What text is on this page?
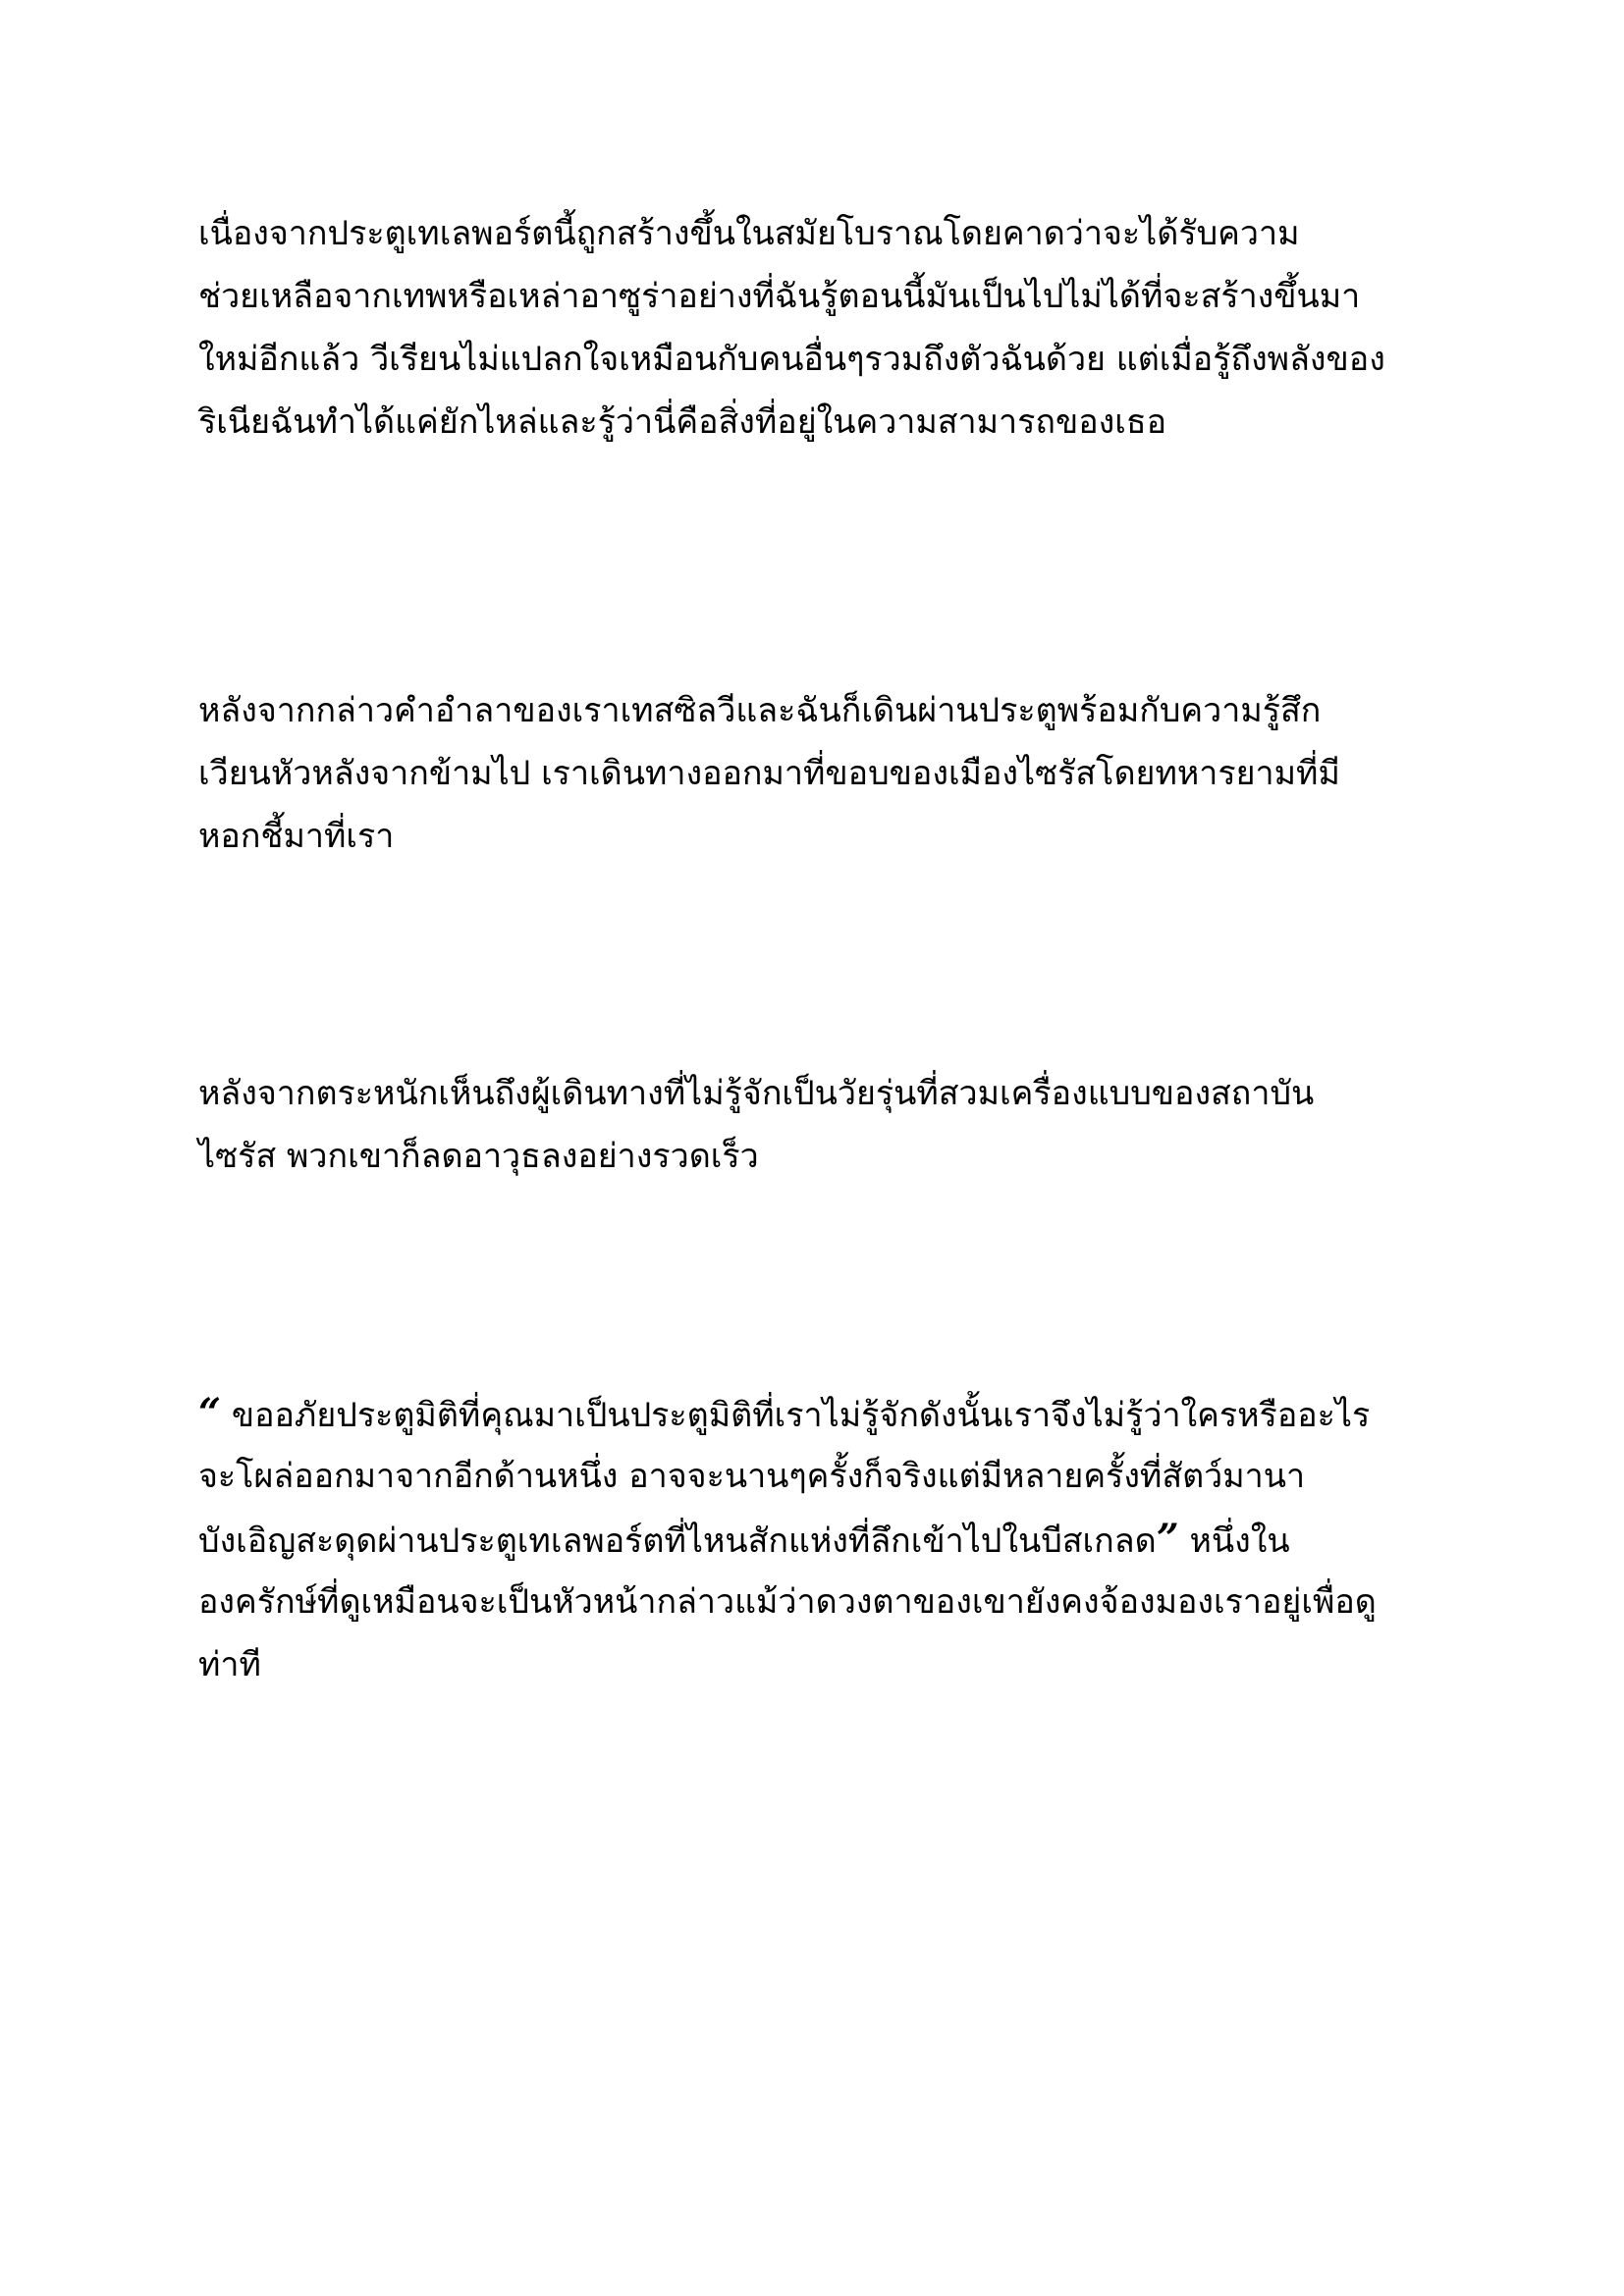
เนื่องจากประตูเทเลพอร์ตนี้ถูกสร้างขึ้นในสมัยโบราณโดยคาดว่าจะได้รับความ
ช่วยเหลือจากเทพหรือเหล่าอาซูร่าอย่างที่ฉันรู้ตอนนี้มันเป็นไปไม่ได้ที่จะสร้างขึ้นมา
ใหม่อีกแล้ว วีเรียนไม่แปลกใจเหมือนกับคนอื่นๆรวมถึงตัวฉันด้วย แต่เมื่อรู้ถึงพลังของ
ริเนียฉันทำได้แค่ยักไหล่และรู้ว่านี่คือสิ่งที่อยู่ในความสามารถของเธอ

หลังจากกล่าวคำอำลาของเราเทสซิลวีและฉันก็เดินผ่านประตูพร้อมกับความรู้สึก
เวียนหัวหลังจากข้ามไป เราเดินทางออกมาที่ขอบของเมืองไซรัสโดยทหารยามที่มี
หอกชี้มาที่เรา

หลังจากตระหนักเห็นถึงผู้เดินทางที่ไม่รู้จักเป็นวัยรุ่นที่สวมเครื่องแบบของสถาบัน
ไซรัส พวกเขาก็ลดอาวุธลงอย่างรวดเร็ว

“ ขออภัยประตูมิติที่คุณมาเป็นประตูมิติที่เราไม่รู้จักดังนั้นเราจึงไม่รู้ว่าใครหรืออะไร
จะโผล่ออกมาจากอีกด้านหนึ่ง อาจจะนานๆครั้งก็จริงแต่มีหลายครั้งที่สัตว์มานา
บังเอิญสะดุดผ่านประตูเทเลพอร์ตที่ไหนสักแห่งที่ลึกเข้าไปในบีสเกลด” หนึ่งใน
องครักษ์ที่ดูเหมือนจะเป็นหัวหน้ากล่าวแม้ว่าดวงตาของเขายังคงจ้องมองเราอยู่เพื่อดู
ท่าที
